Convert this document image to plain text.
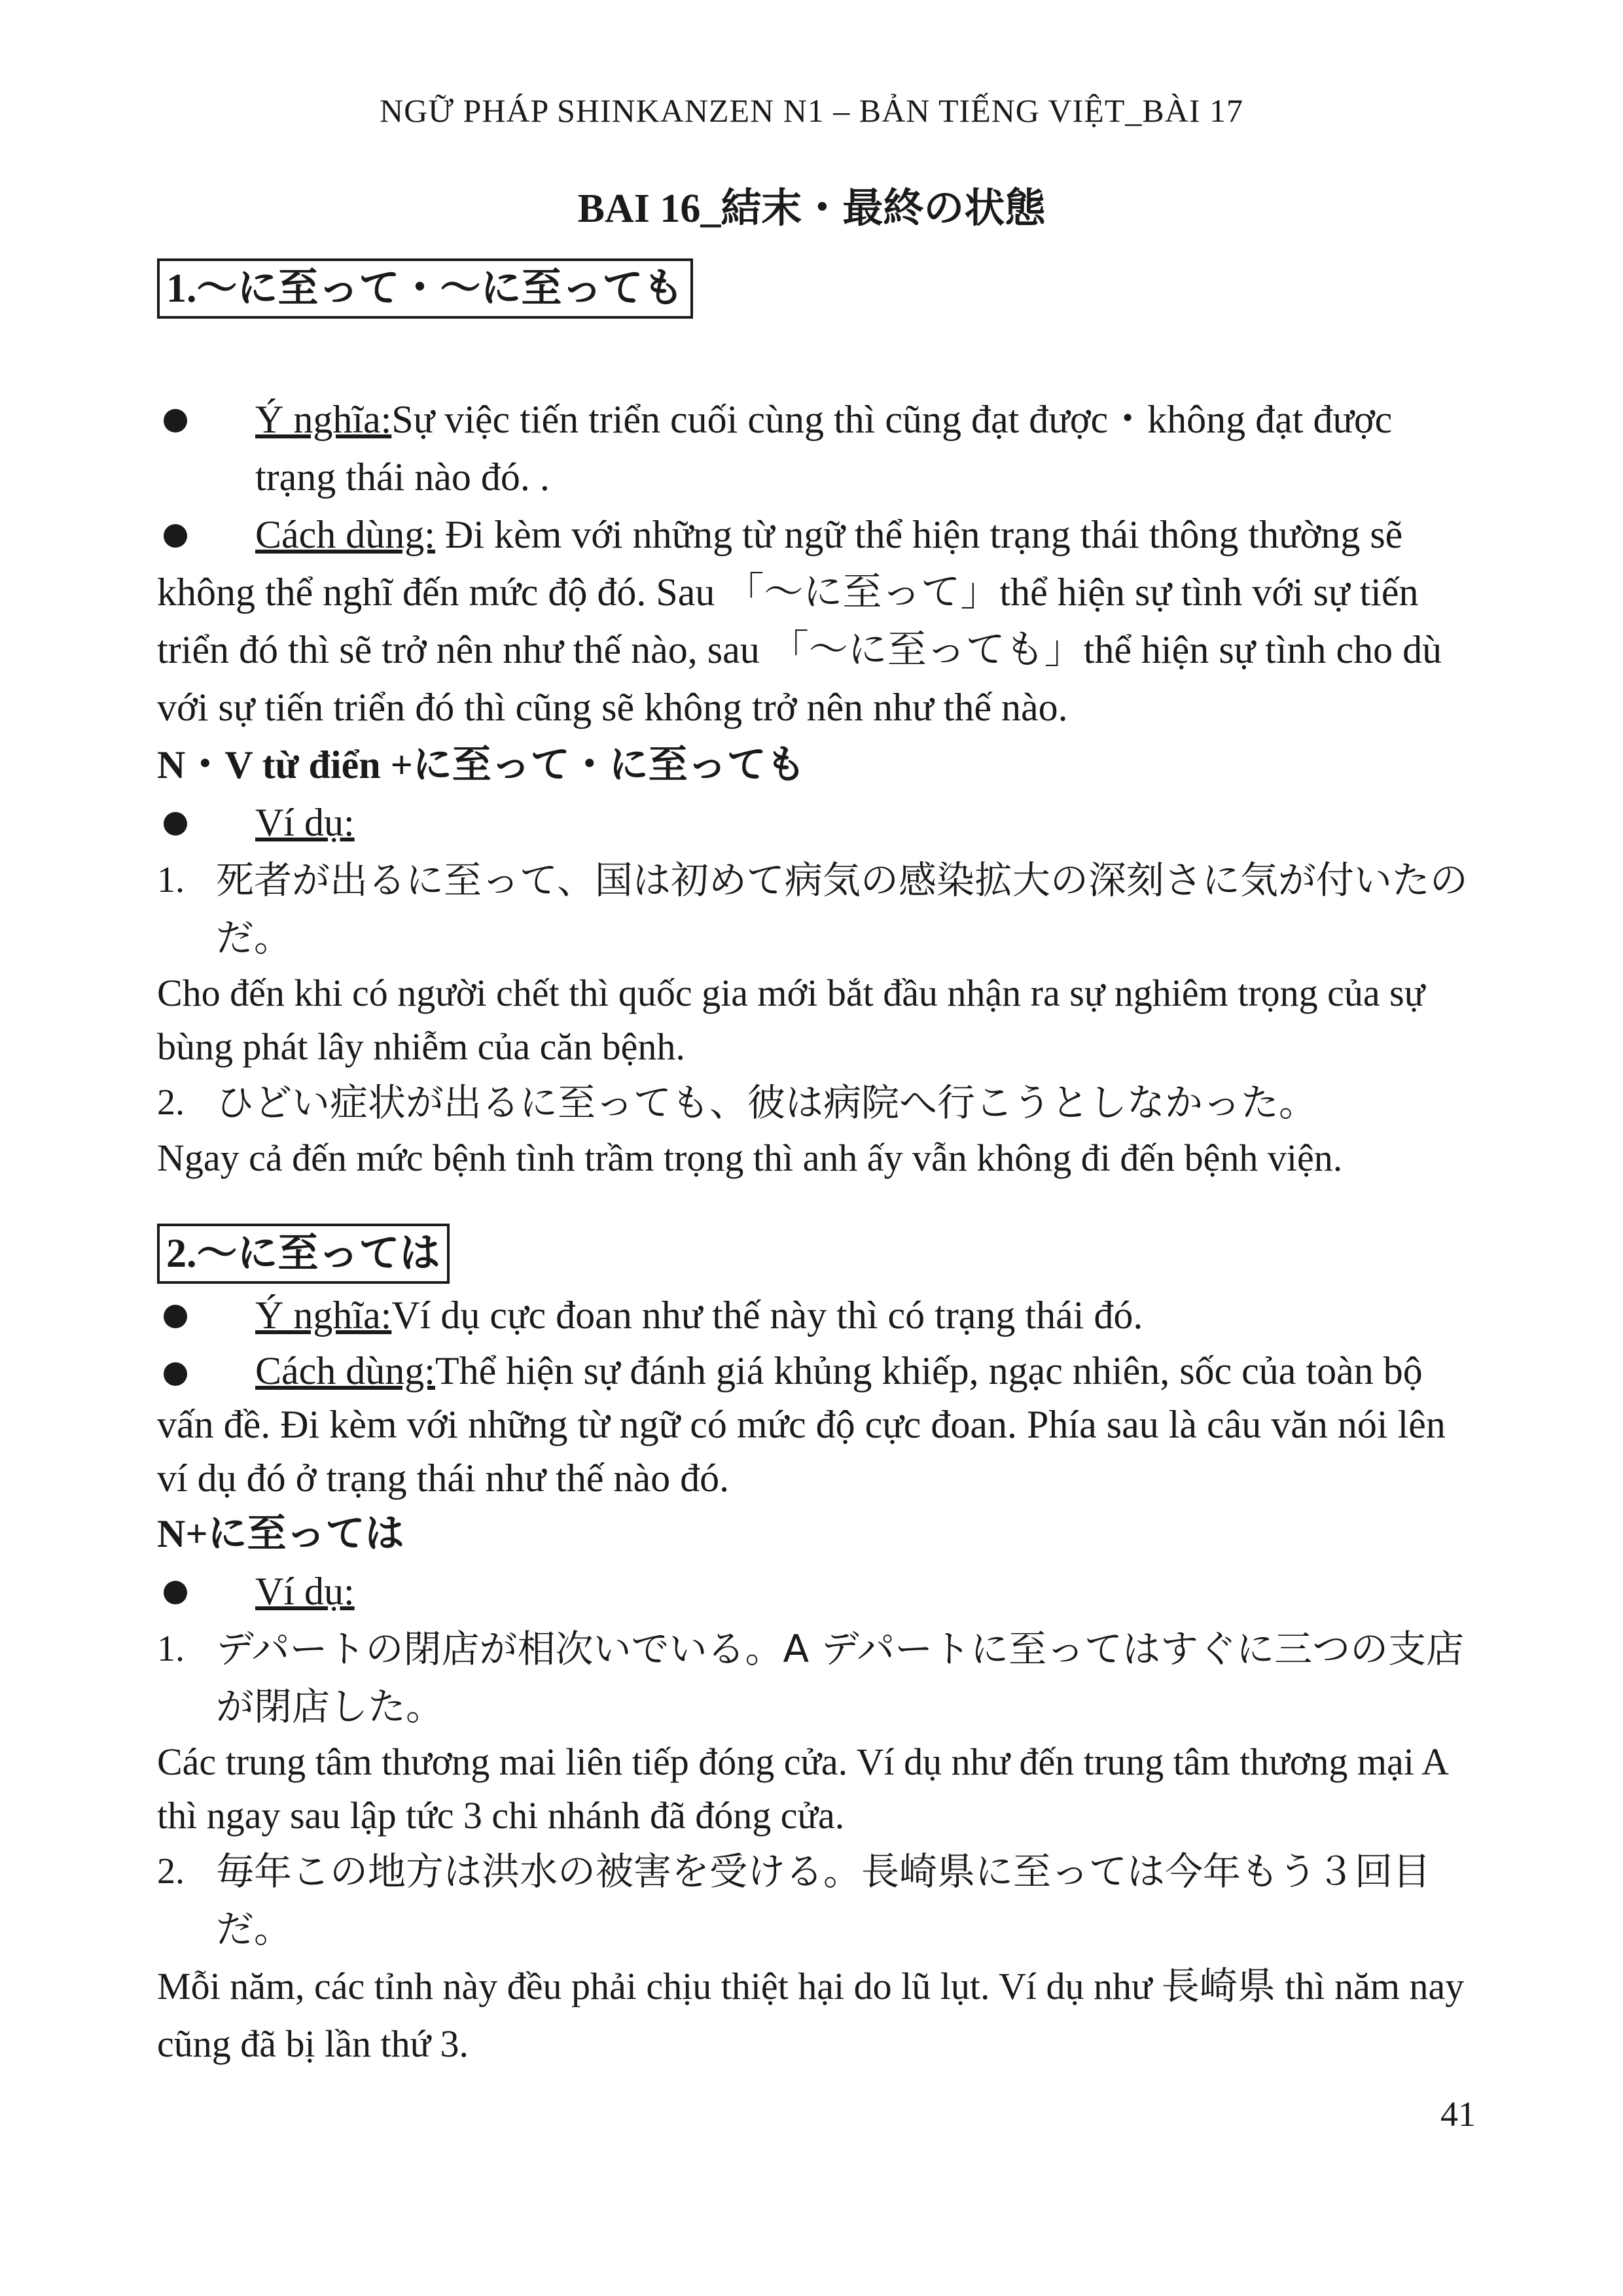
NGỮ PHÁP SHINKANZEN N1 – BẢN TIẾNG VIỆT_BÀI 17
BAI 16_結末・最終の状態
1.〜に至って・〜に至っても
Ý nghĩa:Sự việc tiến triển cuối cùng thì cũng đạt được・không đạt được trạng thái nào đó. .
Cách dùng: Đi kèm với những từ ngữ thể hiện trạng thái thông thường sẽ không thể nghĩ đến mức độ đó. Sau 「〜に至って」thể hiện sự tình với sự tiến triển đó thì sẽ trở nên như thế nào, sau 「〜に至っても」thể hiện sự tình cho dù với sự tiến triển đó thì cũng sẽ không trở nên như thế nào.
N・V từ điển +に至って・に至っても
Ví dụ:
1. 死者が出るに至って、国は初めて病気の感染拡大の深刻さに気が付いたのだ。
Cho đến khi có người chết thì quốc gia mới bắt đầu nhận ra sự nghiêm trọng của sự bùng phát lây nhiễm của căn bệnh.
2. ひどい症状が出るに至っても、彼は病院へ行こうとしなかった。
Ngay cả đến mức bệnh tình trầm trọng thì anh ấy vẫn không đi đến bệnh viện.
2.〜に至っては
Ý nghĩa:Ví dụ cực đoan như thế này thì có trạng thái đó.
Cách dùng:Thể hiện sự đánh giá khủng khiếp, ngạc nhiên, sốc của toàn bộ vấn đề. Đi kèm với những từ ngữ có mức độ cực đoan. Phía sau là câu văn nói lên ví dụ đó ở trạng thái như thế nào đó.
N+に至っては
Ví dụ:
1. デパートの閉店が相次いでいる。A デパートに至ってはすぐに三つの支店が閉店した。
Các trung tâm thương mai liên tiếp đóng cửa. Ví dụ như đến trung tâm thương mại A thì ngay sau lập tức 3 chi nhánh đã đóng cửa.
2. 毎年この地方は洪水の被害を受ける。長崎県に至っては今年もう３回目だ。
Mỗi năm, các tỉnh này đều phải chịu thiệt hại do lũ lụt. Ví dụ như 長崎県 thì năm nay cũng đã bị lần thứ 3.
41
